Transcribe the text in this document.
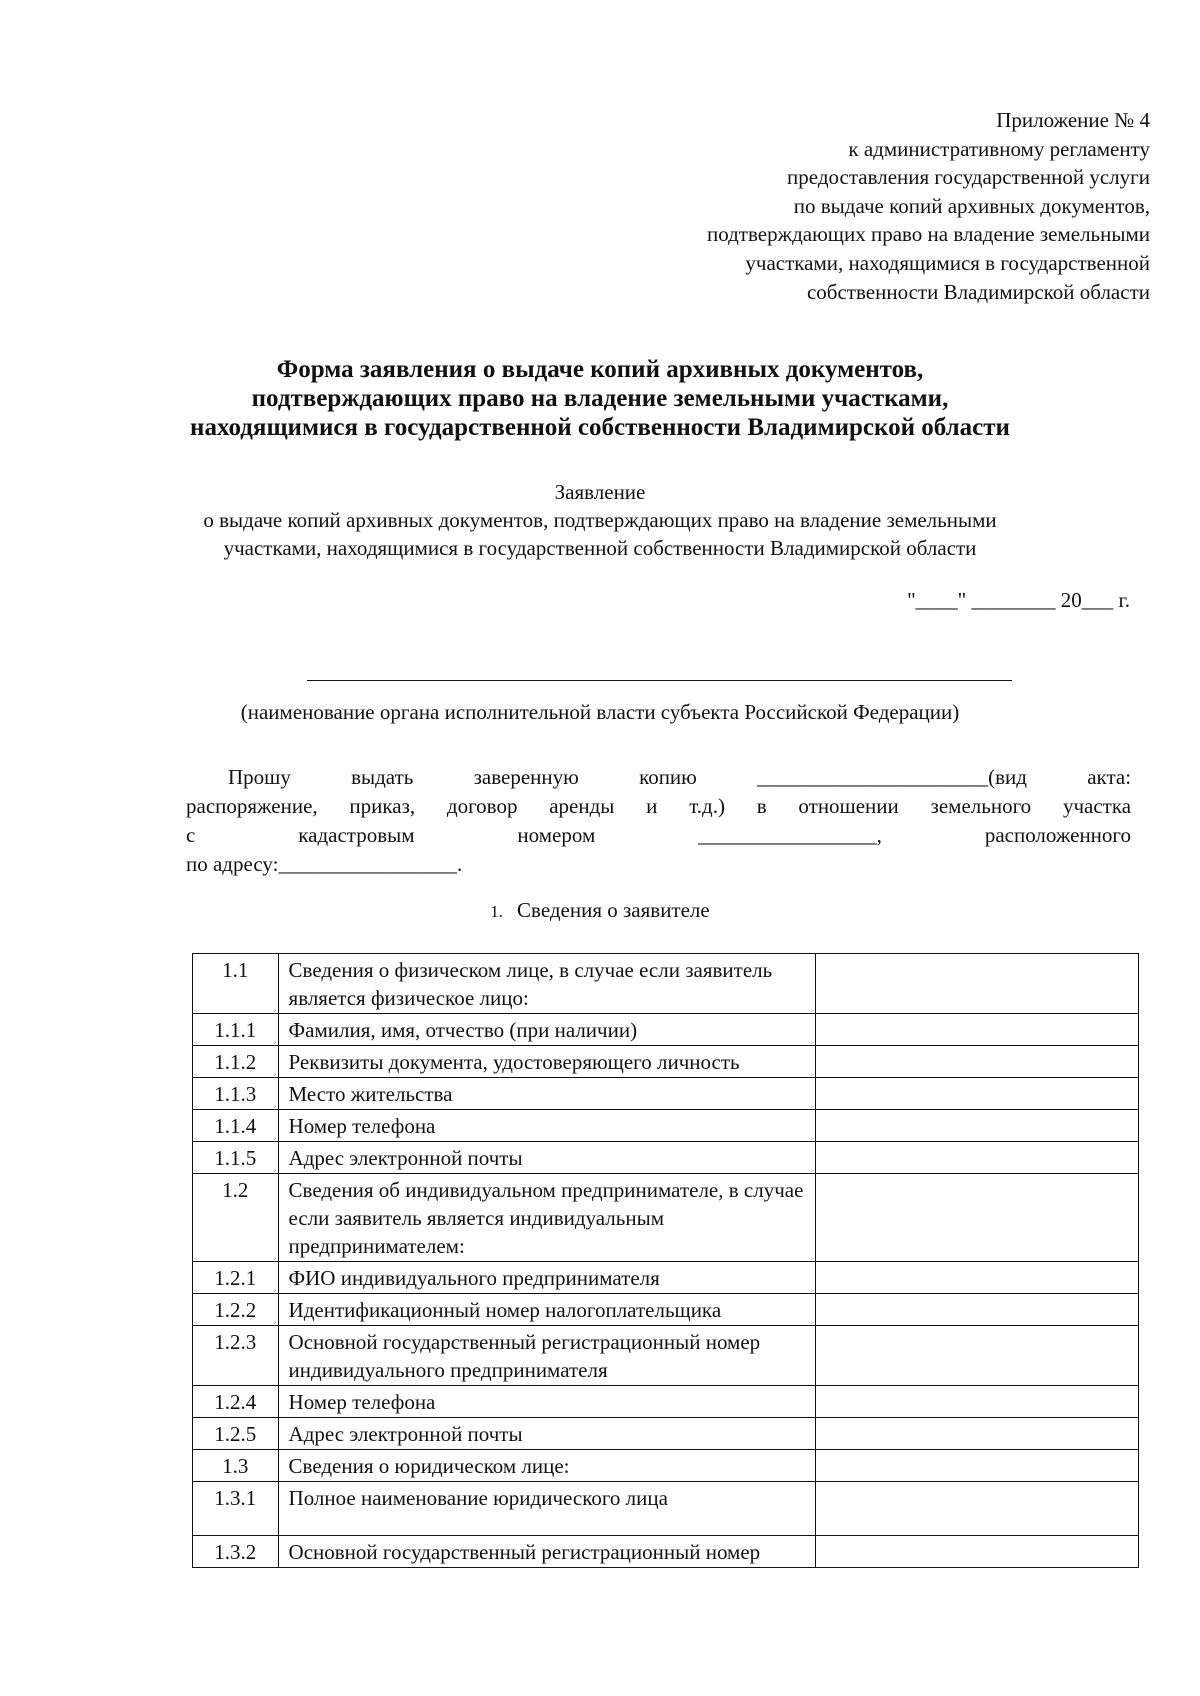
Приложение № 4
к административному регламенту
предоставления государственной услуги
по выдаче копий архивных документов,
подтверждающих право на владение земельными
участками, находящимися в государственной
собственности Владимирской области
Форма заявления о выдаче копий архивных документов,
подтверждающих право на владение земельными участками,
находящимися в государственной собственности Владимирской области
Заявление
о выдаче копий архивных документов, подтверждающих право на владение земельными
участками, находящимися в государственной собственности Владимирской области
"____" ________ 20___ г.
(наименование органа исполнительной власти субъекта Российской Федерации)
Прошу	выдать	заверенную	копию	______________________(вид	акта:
распоряжение, приказ, договор аренды и т.д.) в отношении земельного участка
с	кадастровым	номером	_________________,	расположенного
по адресу:_________________.
1. Сведения о заявителе
1.1	Сведения о физическом лице, в случае если заявитель является физическое лицо:	
1.1.1	Фамилия, имя, отчество (при наличии)	
1.1.2	Реквизиты документа, удостоверяющего личность	
1.1.3	Место жительства	
1.1.4	Номер телефона	
1.1.5	Адрес электронной почты	
1.2	Сведения об индивидуальном предпринимателе, в случае если заявитель является индивидуальным предпринимателем:	
1.2.1	ФИО индивидуального предпринимателя	
1.2.2	Идентификационный номер налогоплательщика	
1.2.3	Основной государственный регистрационный номер индивидуального предпринимателя	
1.2.4	Номер телефона	
1.2.5	Адрес электронной почты	
1.3	Сведения о юридическом лице:	
1.3.1	Полное наименование юридического лица	
1.3.2	Основной государственный регистрационный номер	
